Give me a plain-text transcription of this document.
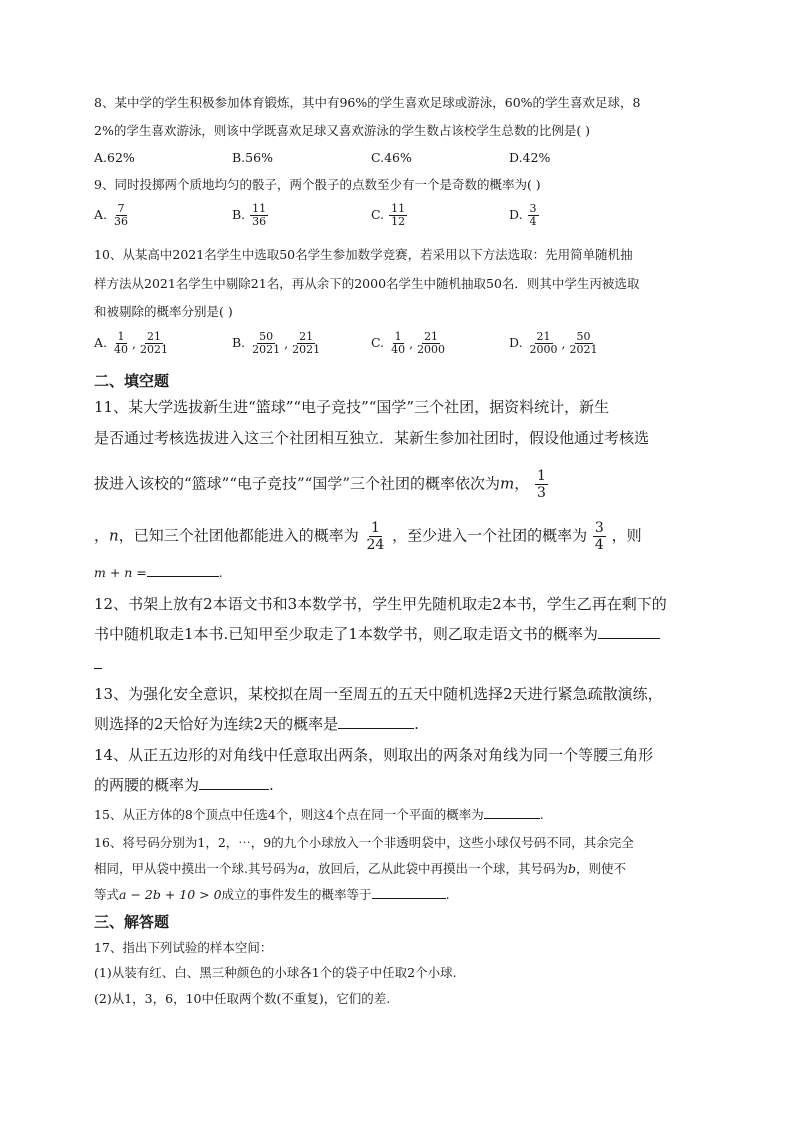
8、某中学的学生积极参加体育锻炼，其中有96%的学生喜欢足球或游泳，60%的学生喜欢足球，8
2%的学生喜欢游泳，则该中学既喜欢足球又喜欢游泳的学生数占该校学生总数的比例是( )
A.62%	B.56%	C.46%	D.42%
9、同时投掷两个质地均匀的骰子，两个骰子的点数至少有一个是奇数的概率为( )
A. $\frac{7}{36}$	B. $\frac{11}{36}$	C. $\frac{11}{12}$	D. $\frac{3}{4}$
10、从某高中2021名学生中选取50名学生参加数学竞赛，若采用以下方法选取：先用简单随机抽
样方法从2021名学生中剔除21名，再从余下的2000名学生中随机抽取50名．则其中学生丙被选取
和被剔除的概率分别是( )
A. $\frac{1}{40}$ , $\frac{21}{2021}$	B. $\frac{50}{2021}$ , $\frac{21}{2021}$	C. $\frac{1}{40}$ , $\frac{21}{2000}$	D. $\frac{21}{2000}$ , $\frac{50}{2021}$
二、填空题
11、某大学选拔新生进“篮球”“电子竞技”“国学”三个社团，据资料统计，新生
是否通过考核选拔进入这三个社团相互独立．某新生参加社团时，假设他通过考核选
拔进入该校的“篮球”“电子竞技”“国学”三个社团的概率依次为m， $\frac{1}{3}$
，n，已知三个社团他都能进入的概率为 $\frac{1}{24}$ ，至少进入一个社团的概率为 $\frac{3}{4}$ ，则
m + n =	.
12、书架上放有2本语文书和3本数学书，学生甲先随机取走2本书，学生乙再在剩下的
书中随机取走1本书.已知甲至少取走了1本数学书，则乙取走语文书的概率为
13、为强化安全意识，某校拟在周一至周五的五天中随机选择2天进行紧急疏散演练，
则选择的2天恰好为连续2天的概率是	.
14、从正五边形的对角线中任意取出两条，则取出的两条对角线为同一个等腰三角形
的两腰的概率为	.
15、从正方体的8个顶点中任选4个，则这4个点在同一个平面的概率为	.
16、将号码分别为1，2，⋯，9的九个小球放入一个非透明袋中，这些小球仅号码不同，其余完全
相同，甲从袋中摸出一个球.其号码为a，放回后，乙从此袋中再摸出一个球，其号码为b，则使不
等式a − 2b + 10 > 0成立的事件发生的概率等于	.
三、解答题
17、指出下列试验的样本空间：
(1)从装有红、白、黑三种颜色的小球各1个的袋子中任取2个小球.
(2)从1，3，6，10中任取两个数(不重复)，它们的差.
